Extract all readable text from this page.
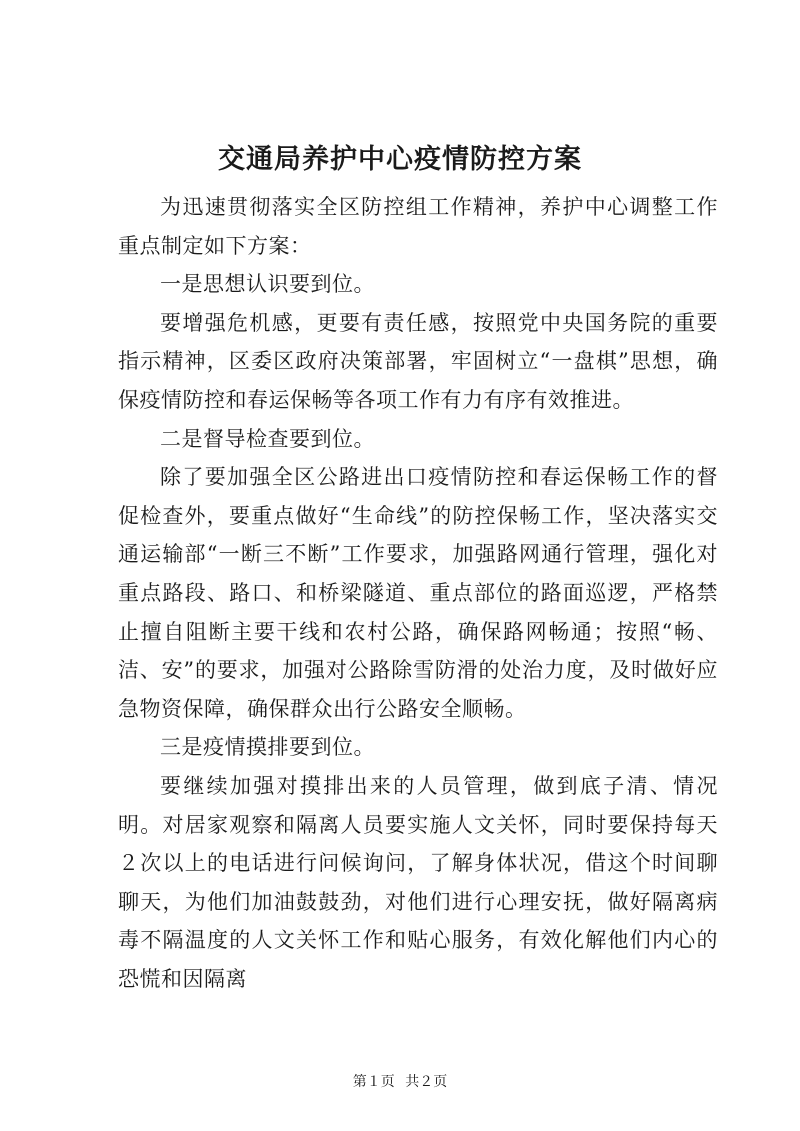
交通局养护中心疫情防控方案

为迅速贯彻落实全区防控组工作精神，养护中心调整工作重点制定如下方案：

一是思想认识要到位。

要增强危机感，更要有责任感，按照党中央国务院的重要指示精神，区委区政府决策部署，牢固树立“一盘棋”思想，确保疫情防控和春运保畅等各项工作有力有序有效推进。

二是督导检查要到位。

除了要加强全区公路进出口疫情防控和春运保畅工作的督促检查外，要重点做好“生命线”的防控保畅工作，坚决落实交通运输部“一断三不断”工作要求，加强路网通行管理，强化对重点路段、路口、和桥梁隧道、重点部位的路面巡逻，严格禁止擅自阻断主要干线和农村公路，确保路网畅通；按照“畅、洁、安”的要求，加强对公路除雪防滑的处治力度，及时做好应急物资保障，确保群众出行公路安全顺畅。

三是疫情摸排要到位。

要继续加强对摸排出来的人员管理，做到底子清、情况明。对居家观察和隔离人员要实施人文关怀，同时要保持每天２次以上的电话进行问候询问，了解身体状况，借这个时间聊聊天，为他们加油鼓鼓劲，对他们进行心理安抚，做好隔离病毒不隔温度的人文关怀工作和贴心服务，有效化解他们内心的恐慌和因隔离

第１页 共２页
